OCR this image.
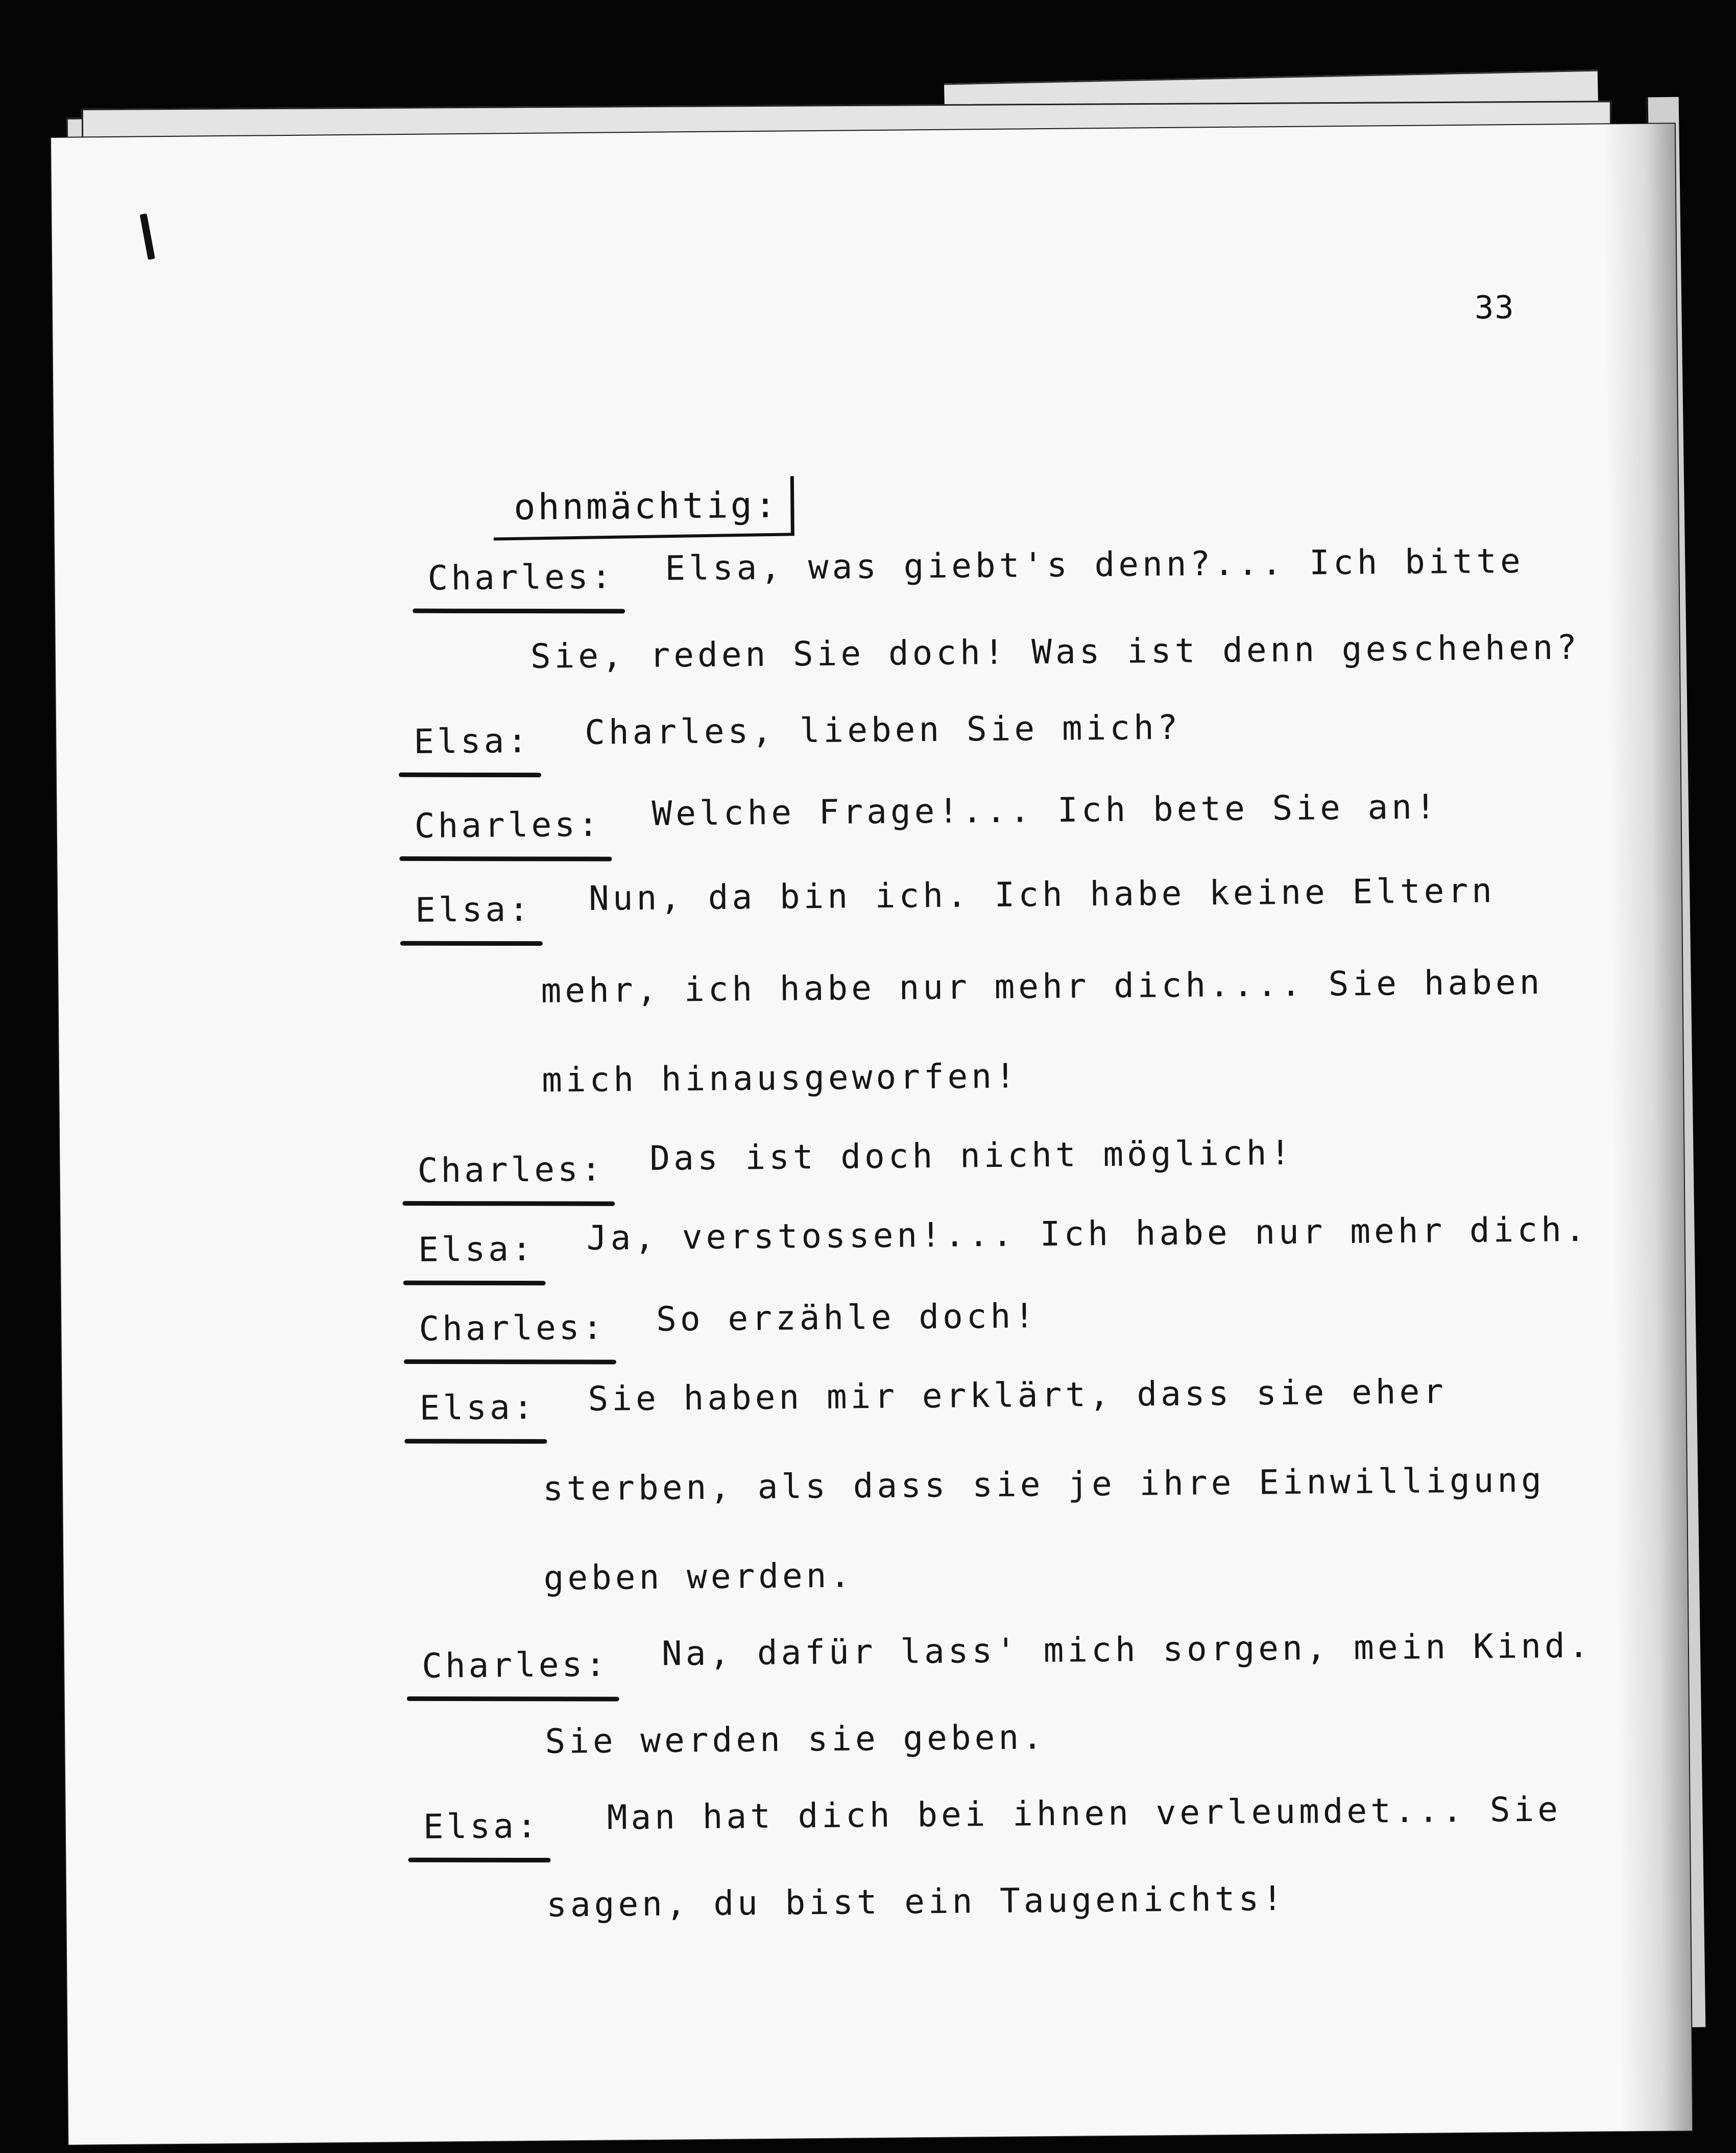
33
ohnmächtig:
Charles: Elsa, was giebt's denn?... Ich bitte
Sie, reden Sie doch! Was ist denn geschehen?
Elsa: Charles, lieben Sie mich?
Charles: Welche Frage!... Ich bete Sie an!
Elsa: Nun, da bin ich. Ich habe keine Eltern
mehr, ich habe nur mehr dich.... Sie haben
mich hinausgeworfen!
Charles: Das ist doch nicht möglich!
Elsa: Ja, verstossen!... Ich habe nur mehr dich.
Charles: So erzähle doch!
Elsa: Sie haben mir erklärt, dass sie eher
sterben, als dass sie je ihre Einwilligung
geben werden.
Charles: Na, dafür lass' mich sorgen, mein Kind.
Sie werden sie geben.
Elsa: Man hat dich bei ihnen verleumdet... Sie
sagen, du bist ein Taugenichts!
